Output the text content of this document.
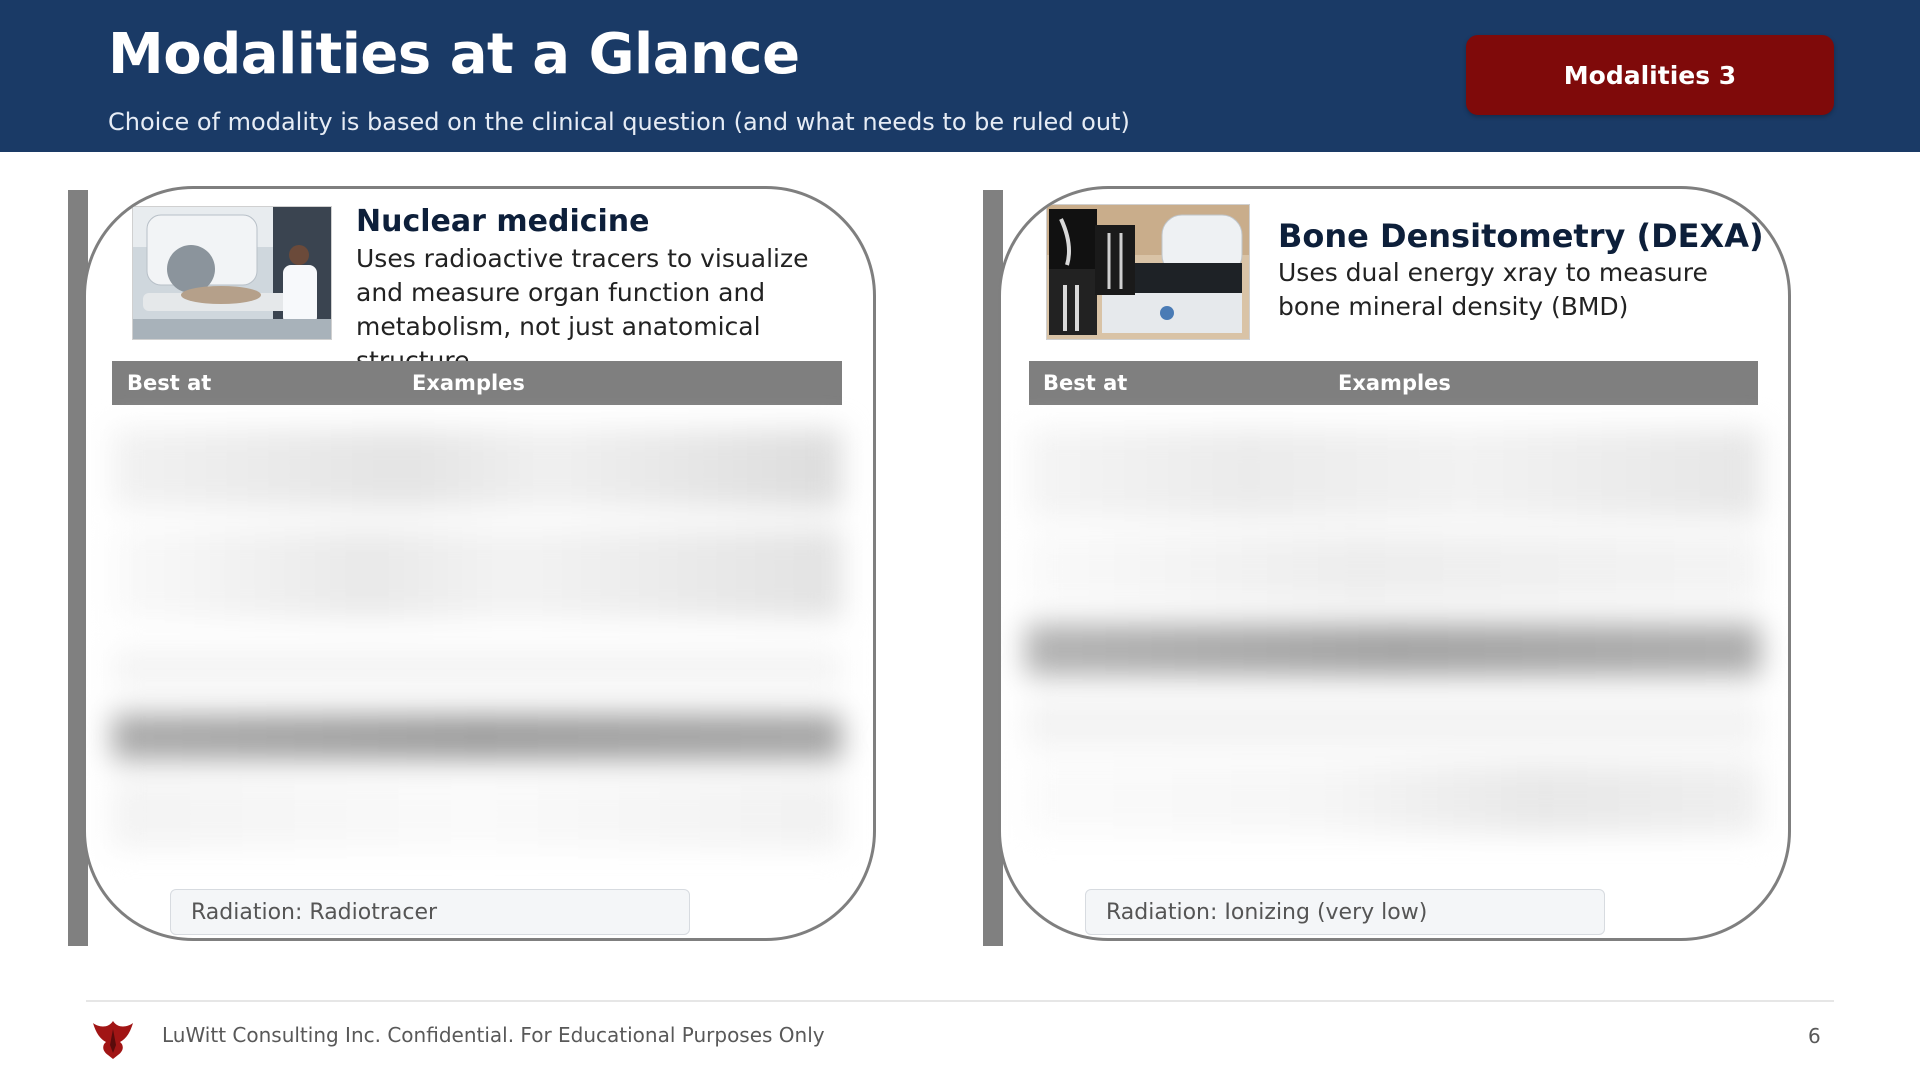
Modalities at a Glance
Choice of modality is based on the clinical question (and what needs to be ruled out)
Modalities 3
Nuclear medicine
Uses radioactive tracers to visualize and measure organ function and metabolism, not just anatomical
Best at	Examples
Radiation: Radiotracer
Bone Densitometry (DEXA)
Uses dual energy xray to measure bone mineral density (BMD)
Best at	Examples
Radiation: Ionizing (very low)
LuWitt Consulting Inc. Confidential. For Educational Purposes Only	6
